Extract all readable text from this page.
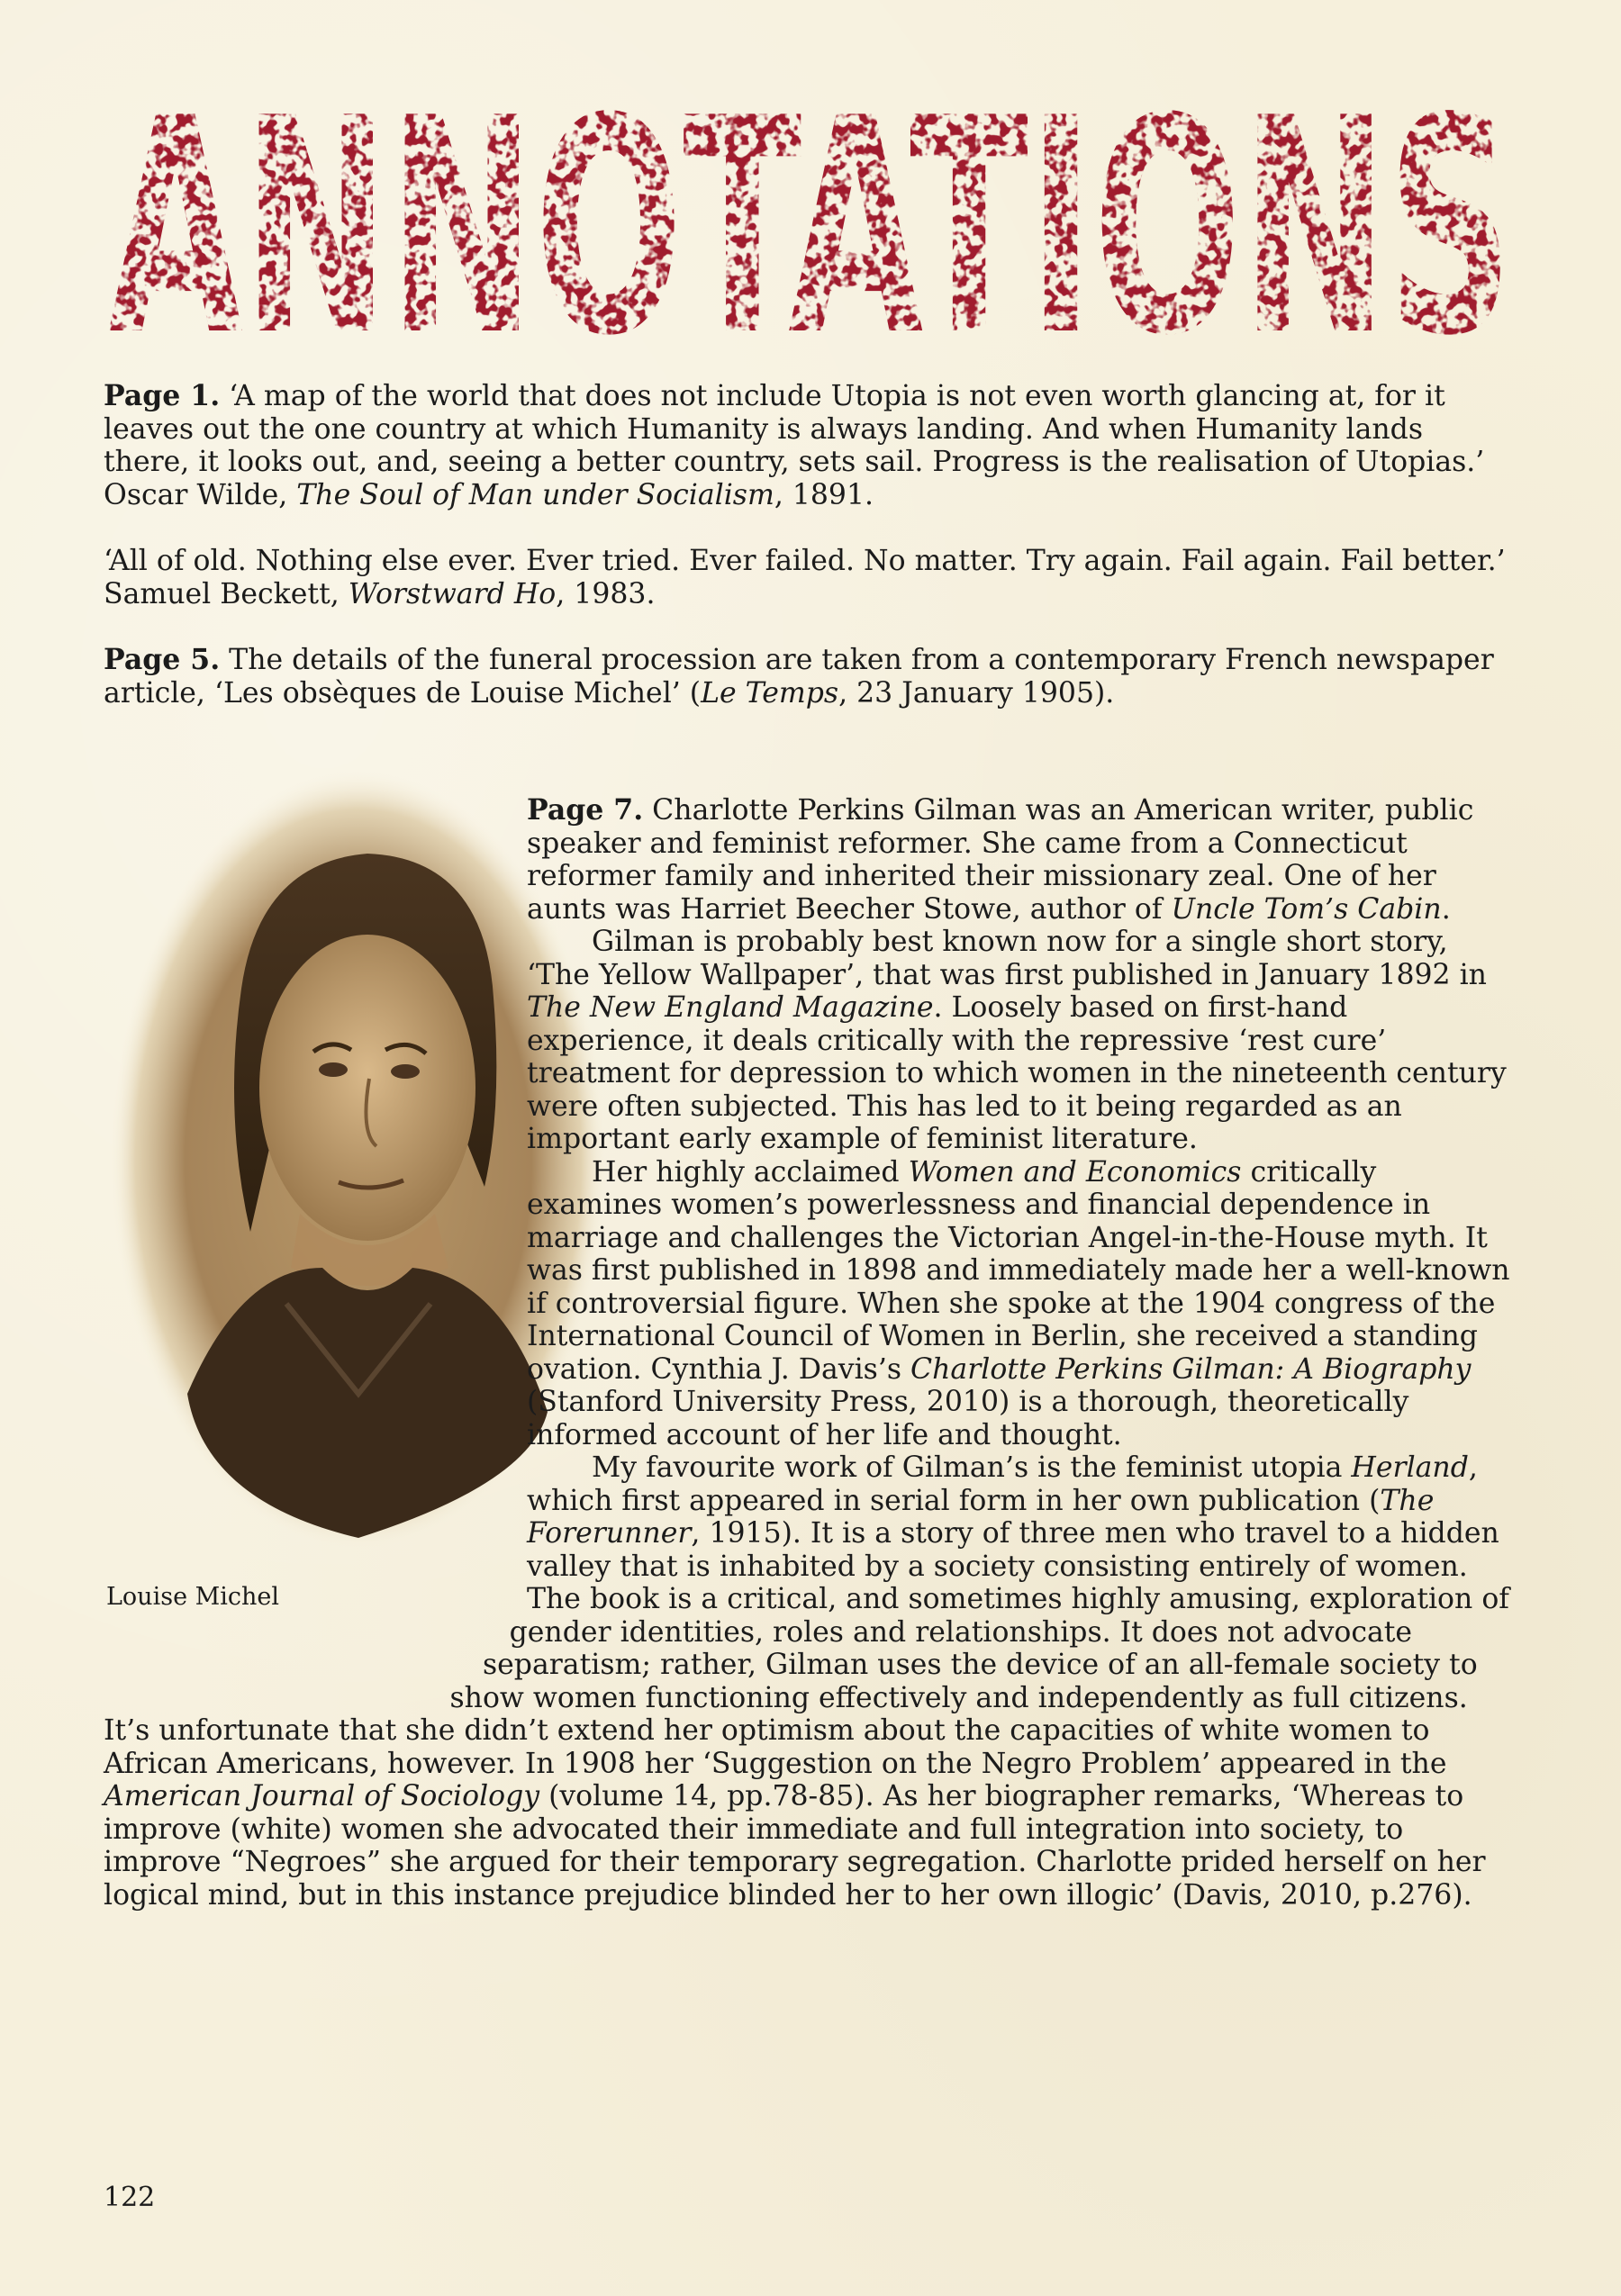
ANNOTATIONS

Page 1. ‘A map of the world that does not include Utopia is not even worth glancing at, for it leaves out the one country at which Humanity is always landing. And when Humanity lands there, it looks out, and, seeing a better country, sets sail. Progress is the realisation of Utopias.’ Oscar Wilde, The Soul of Man under Socialism, 1891.

‘All of old. Nothing else ever. Ever tried. Ever failed. No matter. Try again. Fail again. Fail better.’ Samuel Beckett, Worstward Ho, 1983.

Page 5. The details of the funeral procession are taken from a contemporary French newspaper article, ‘Les obsèques de Louise Michel’ (Le Temps, 23 January 1905).

Page 7. Charlotte Perkins Gilman was an American writer, public speaker and feminist reformer. She came from a Connecticut reformer family and inherited their missionary zeal. One of her aunts was Harriet Beecher Stowe, author of Uncle Tom’s Cabin.

Gilman is probably best known now for a single short story, ‘The Yellow Wallpaper’, that was first published in January 1892 in The New England Magazine. Loosely based on first-hand experience, it deals critically with the repressive ‘rest cure’ treatment for depression to which women in the nineteenth century were often subjected. This has led to it being regarded as an important early example of feminist literature.

Her highly acclaimed Women and Economics critically examines women’s powerlessness and financial dependence in marriage and challenges the Victorian Angel-in-the-House myth. It was first published in 1898 and immediately made her a well-known if controversial figure. When she spoke at the 1904 congress of the International Council of Women in Berlin, she received a standing ovation. Cynthia J. Davis’s Charlotte Perkins Gilman: A Biography (Stanford University Press, 2010) is a thorough, theoretically informed account of her life and thought.

My favourite work of Gilman’s is the feminist utopia Herland, which first appeared in serial form in her own publication (The Forerunner, 1915). It is a story of three men who travel to a hidden valley that is inhabited by a society consisting entirely of women. The book is a critical, and sometimes highly amusing, exploration of gender identities, roles and relationships. It does not advocate separatism; rather, Gilman uses the device of an all-female society to show women functioning effectively and independently as full citizens. It’s unfortunate that she didn’t extend her optimism about the capacities of white women to African Americans, however. In 1908 her ‘Suggestion on the Negro Problem’ appeared in the American Journal of Sociology (volume 14, pp.78-85). As her biographer remarks, ‘Whereas to improve (white) women she advocated their immediate and full integration into society, to improve “Negroes” she argued for their temporary segregation. Charlotte prided herself on her logical mind, but in this instance prejudice blinded her to her own illogic’ (Davis, 2010, p.276).

Louise Michel
122
